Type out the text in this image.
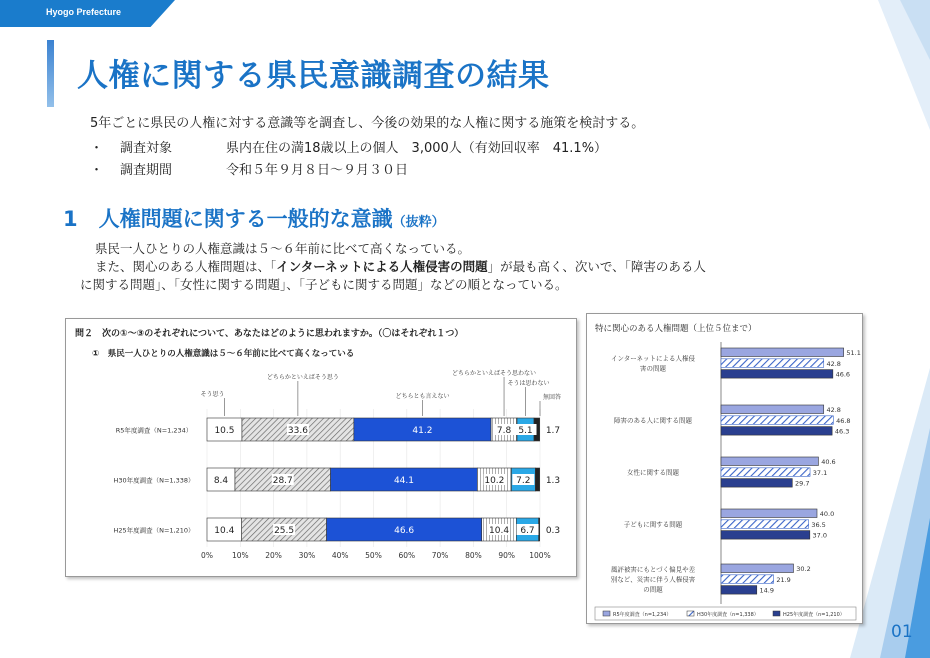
Hyogo Prefecture
人権に関する県民意識調査の結果
5年ごとに県民の人権に対する意識等を調査し、今後の効果的な人権に関する施策を検討する。
・ 調査対象	県内在住の満18歳以上の個人　3,000人（有効回収率　41.1%）
・ 調査期間	令和５年９月８日～９月３０日
1　人権問題に関する一般的な意識（抜粋）
県民一人ひとりの人権意識は５～６年前に比べて高くなっている。
また、関心のある人権問題は、「インターネットによる人権侵害の問題」が最も高く、次いで、「障害のある人
に関する問題」、「女性に関する問題」、「子どもに関する問題」などの順となっている。
問２　次の①～③のそれぞれについて、あなたはどのように思われますか。（〇はそれぞれ１つ）
①　県民一人ひとりの人権意識は５～６年前に比べて高くなっている
R5年度調査（N=1,234） 10.5	33.6	41.2	7.8 5.1 1.7
H30年度調査（N=1,338） 8.4	28.7	44.1	10.2 7.2 1.3
H25年度調査（N=1,210） 10.4	25.5	46.6	10.4 6.7 0.3
そう思う
どちらかといえばそう思う
どちらとも言えない
どちらかといえばそう思わない
そうは思わない
無回答
0%	10% 20% 30% 40% 50% 60% 70% 80% 90% 100%
特に関心のある人権問題（上位５位まで）
インターネットによる人権侵
害の問題
51.1
42.8
46.6
障害のある人に関する問題
42.8
46.8
46.3
女性に関する問題
40.6
37.1
29.7
子どもに関する問題
40.0
36.5
37.0
風評被害にもとづく偏見や差
別など、災害に伴う人権侵害
の問題
30.2
21.9
14.9
R5年度調査（n=1,234）	H30年度調査（n=1,338）	H25年度調査（n=1,210）
01
